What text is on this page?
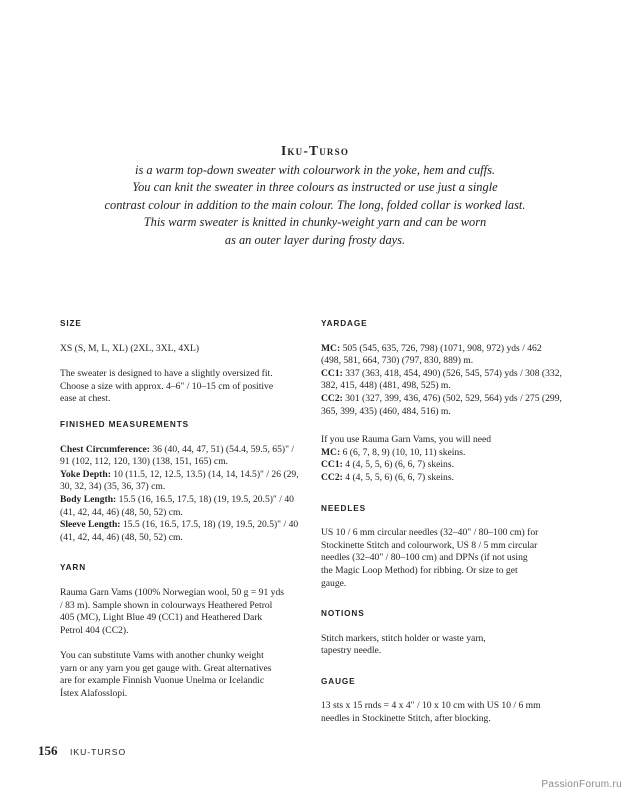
Iku-Turso
is a warm top-down sweater with colourwork in the yoke, hem and cuffs.
You can knit the sweater in three colours as instructed or use just a single
contrast colour in addition to the main colour. The long, folded collar is worked last.
This warm sweater is knitted in chunky-weight yarn and can be worn
as an outer layer during frosty days.
SIZE
XS (S, M, L, XL) (2XL, 3XL, 4XL)
The sweater is designed to have a slightly oversized fit.
Choose a size with approx. 4–6" / 10–15 cm of positive
ease at chest.
FINISHED MEASUREMENTS
Chest Circumference: 36 (40, 44, 47, 51) (54.4, 59.5, 65)" /
91 (102, 112, 120, 130) (138, 151, 165) cm.
Yoke Depth: 10 (11.5, 12, 12.5, 13.5) (14, 14, 14.5)" / 26 (29,
30, 32, 34) (35, 36, 37) cm.
Body Length: 15.5 (16, 16.5, 17.5, 18) (19, 19.5, 20.5)" / 40
(41, 42, 44, 46) (48, 50, 52) cm.
Sleeve Length: 15.5 (16, 16.5, 17.5, 18) (19, 19.5, 20.5)" / 40
(41, 42, 44, 46) (48, 50, 52) cm.
YARN
Rauma Garn Vams (100% Norwegian wool, 50 g = 91 yds
/ 83 m). Sample shown in colourways Heathered Petrol
405 (MC), Light Blue 49 (CC1) and Heathered Dark
Petrol 404 (CC2).
You can substitute Vams with another chunky weight
yarn or any yarn you get gauge with. Great alternatives
are for example Finnish Vuonue Unelma or Icelandic
Ístex Alafosslopi.
YARDAGE
MC: 505 (545, 635, 726, 798) (1071, 908, 972) yds / 462
(498, 581, 664, 730) (797, 830, 889) m.
CC1: 337 (363, 418, 454, 490) (526, 545, 574) yds / 308 (332,
382, 415, 448) (481, 498, 525) m.
CC2: 301 (327, 399, 436, 476) (502, 529, 564) yds / 275 (299,
365, 399, 435) (460, 484, 516) m.
If you use Rauma Garn Vams, you will need
MC: 6 (6, 7, 8, 9) (10, 10, 11) skeins.
CC1: 4 (4, 5, 5, 6) (6, 6, 7) skeins.
CC2: 4 (4, 5, 5, 6) (6, 6, 7) skeins.
NEEDLES
US 10 / 6 mm circular needles (32–40" / 80–100 cm) for
Stockinette Stitch and colourwork, US 8 / 5 mm circular
needles (32–40" / 80–100 cm) and DPNs (if not using
the Magic Loop Method) for ribbing. Or size to get
gauge.
NOTIONS
Stitch markers, stitch holder or waste yarn,
tapestry needle.
GAUGE
13 sts x 15 rnds = 4 x 4" / 10 x 10 cm with US 10 / 6 mm
needles in Stockinette Stitch, after blocking.
156 IKU-TURSO
PassionForum.ru
